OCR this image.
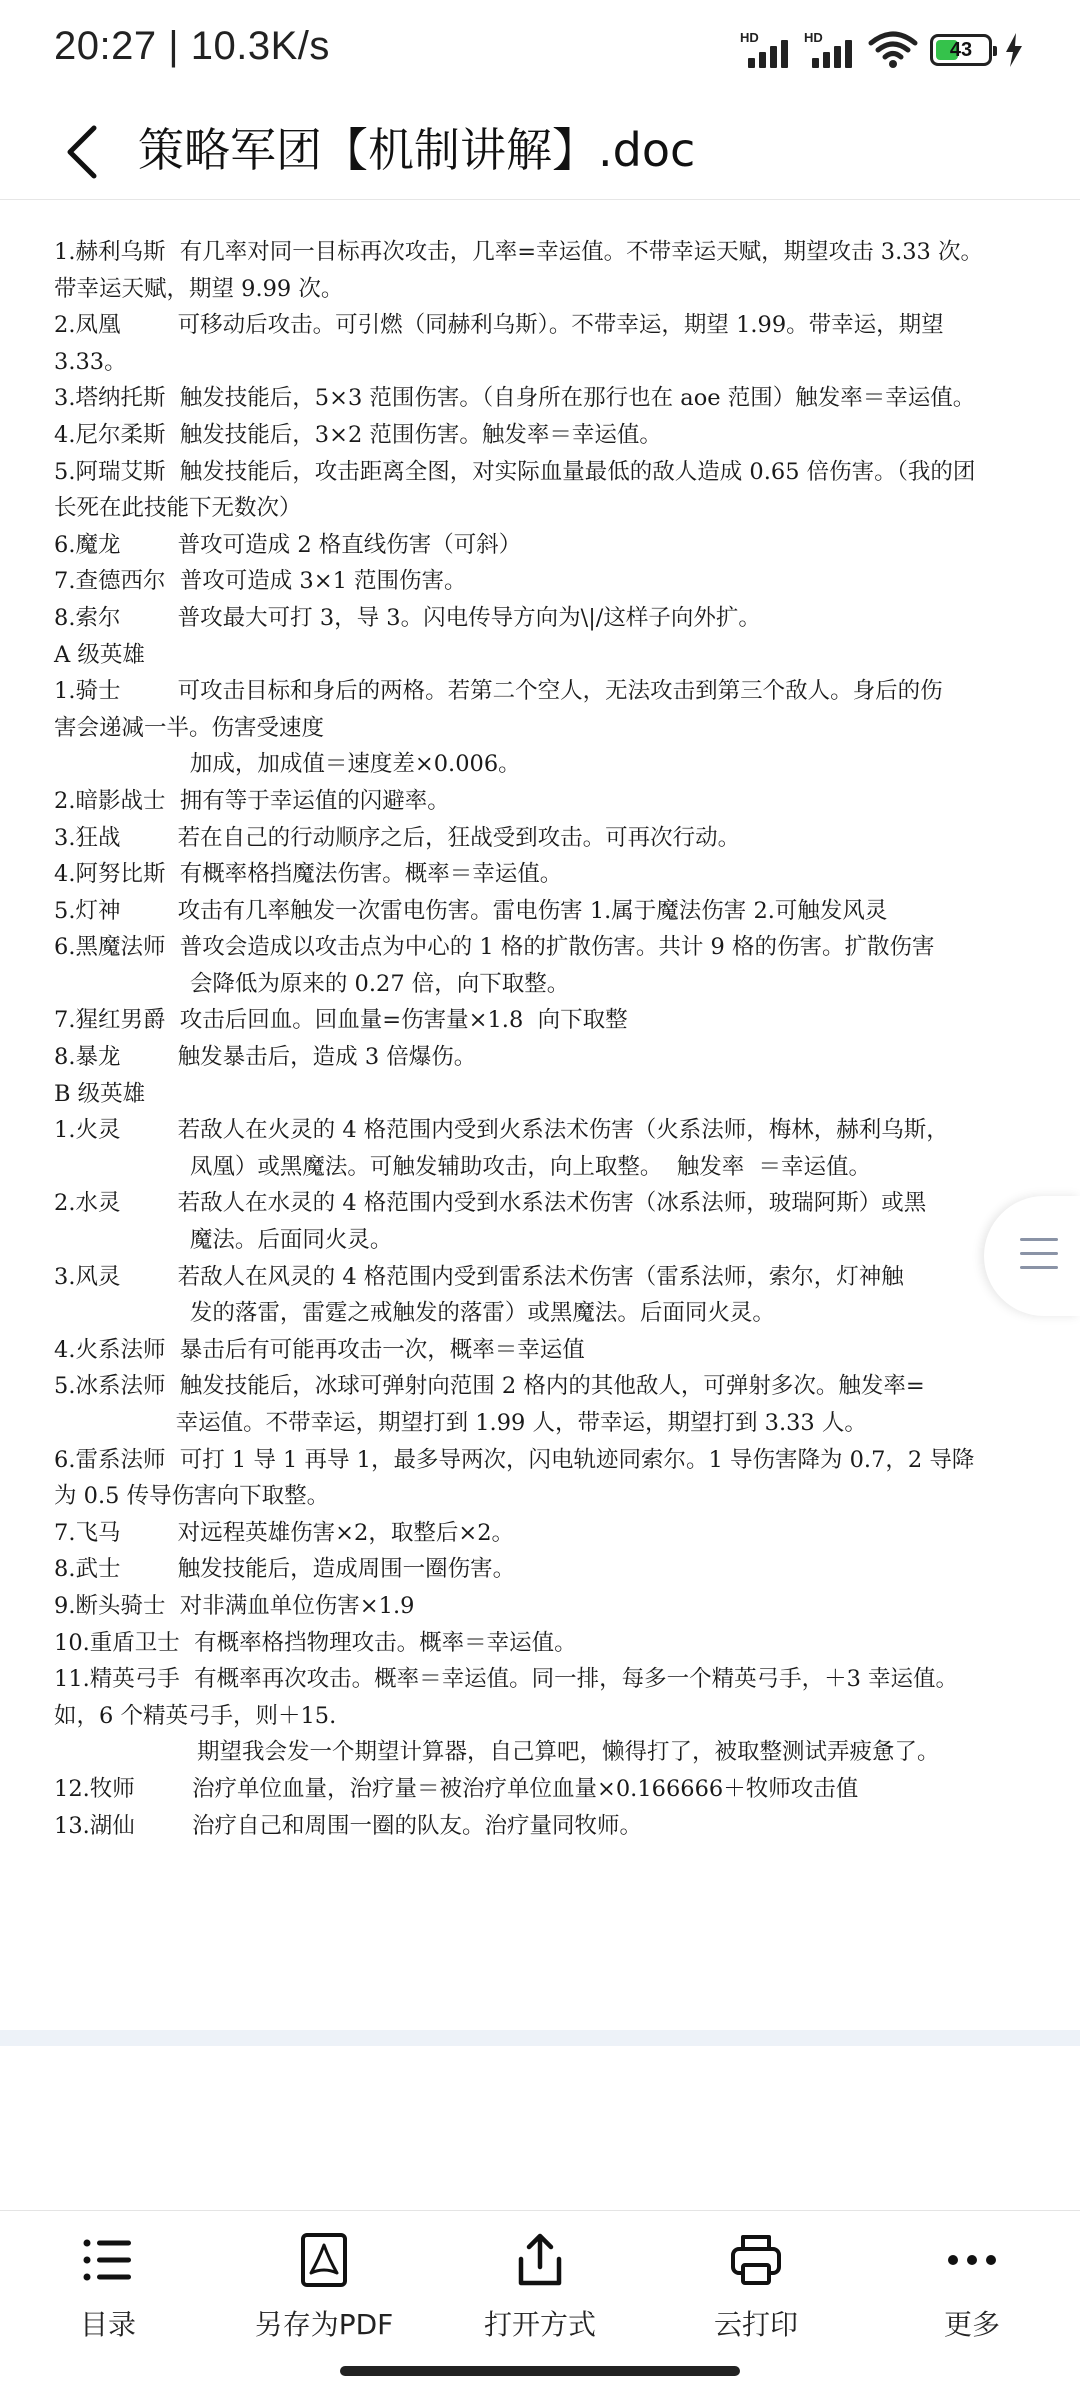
20:27 | 10.3K/s	HD	HD
43
策略军团【机制讲解】.doc

1.赫利乌斯  有几率对同一目标再次攻击，几率=幸运值。不带幸运天赋，期望攻击 3.33 次。

带幸运天赋，期望 9.99 次。

2.凤凰        可移动后攻击。可引燃（同赫利乌斯）。不带幸运，期望 1.99。带幸运，期望

3.33。

3.塔纳托斯  触发技能后，5×3 范围伤害。（自身所在那行也在 aoe 范围）触发率＝幸运值。

4.尼尔柔斯  触发技能后，3×2 范围伤害。触发率＝幸运值。

5.阿瑞艾斯  触发技能后，攻击距离全图，对实际血量最低的敌人造成 0.65 倍伤害。（我的团

长死在此技能下无数次）

6.魔龙        普攻可造成 2 格直线伤害（可斜）

7.查德西尔  普攻可造成 3×1 范围伤害。

8.索尔        普攻最大可打 3，导 3。闪电传导方向为\|/这样子向外扩。

A 级英雄

1.骑士        可攻击目标和身后的两格。若第二个空人，无法攻击到第三个敌人。身后的伤

害会递减一半。伤害受速度

加成，加成值＝速度差×0.006。

2.暗影战士  拥有等于幸运值的闪避率。

3.狂战        若在自己的行动顺序之后，狂战受到攻击。可再次行动。

4.阿努比斯  有概率格挡魔法伤害。概率＝幸运值。

5.灯神        攻击有几率触发一次雷电伤害。雷电伤害 1.属于魔法伤害 2.可触发风灵

6.黑魔法师  普攻会造成以攻击点为中心的 1 格的扩散伤害。共计 9 格的伤害。扩散伤害

会降低为原来的 0.27 倍，向下取整。

7.猩红男爵  攻击后回血。回血量=伤害量×1.8  向下取整

8.暴龙        触发暴击后，造成 3 倍爆伤。

B 级英雄

1.火灵        若敌人在火灵的 4 格范围内受到火系法术伤害（火系法师，梅林，赫利乌斯，

凤凰）或黑魔法。可触发辅助攻击，向上取整。  触发率  ＝幸运值。

2.水灵        若敌人在水灵的 4 格范围内受到水系法术伤害（冰系法师，玻瑞阿斯）或黑

魔法。后面同火灵。

3.风灵        若敌人在风灵的 4 格范围内受到雷系法术伤害（雷系法师，索尔，灯神触

发的落雷，雷霆之戒触发的落雷）或黑魔法。后面同火灵。

4.火系法师  暴击后有可能再攻击一次，概率＝幸运值

5.冰系法师  触发技能后，冰球可弹射向范围 2 格内的其他敌人，可弹射多次。触发率=

幸运值。不带幸运，期望打到 1.99 人，带幸运，期望打到 3.33 人。

6.雷系法师  可打 1 导 1 再导 1，最多导两次，闪电轨迹同索尔。1 导伤害降为 0.7，2 导降

为 0.5 传导伤害向下取整。

7.飞马        对远程英雄伤害×2，取整后×2。

8.武士        触发技能后，造成周围一圈伤害。

9.断头骑士  对非满血单位伤害×1.9

10.重盾卫士  有概率格挡物理攻击。概率＝幸运值。

11.精英弓手  有概率再次攻击。概率＝幸运值。同一排，每多一个精英弓手，＋3 幸运值。

如，6 个精英弓手，则＋15.

期望我会发一个期望计算器，自己算吧，懒得打了，被取整测试弄疲惫了。

12.牧师        治疗单位血量，治疗量＝被治疗单位血量×0.166666＋牧师攻击值

13.湖仙        治疗自己和周围一圈的队友。治疗量同牧师。

目录	另存为PDF	打开方式	云打印	更多
